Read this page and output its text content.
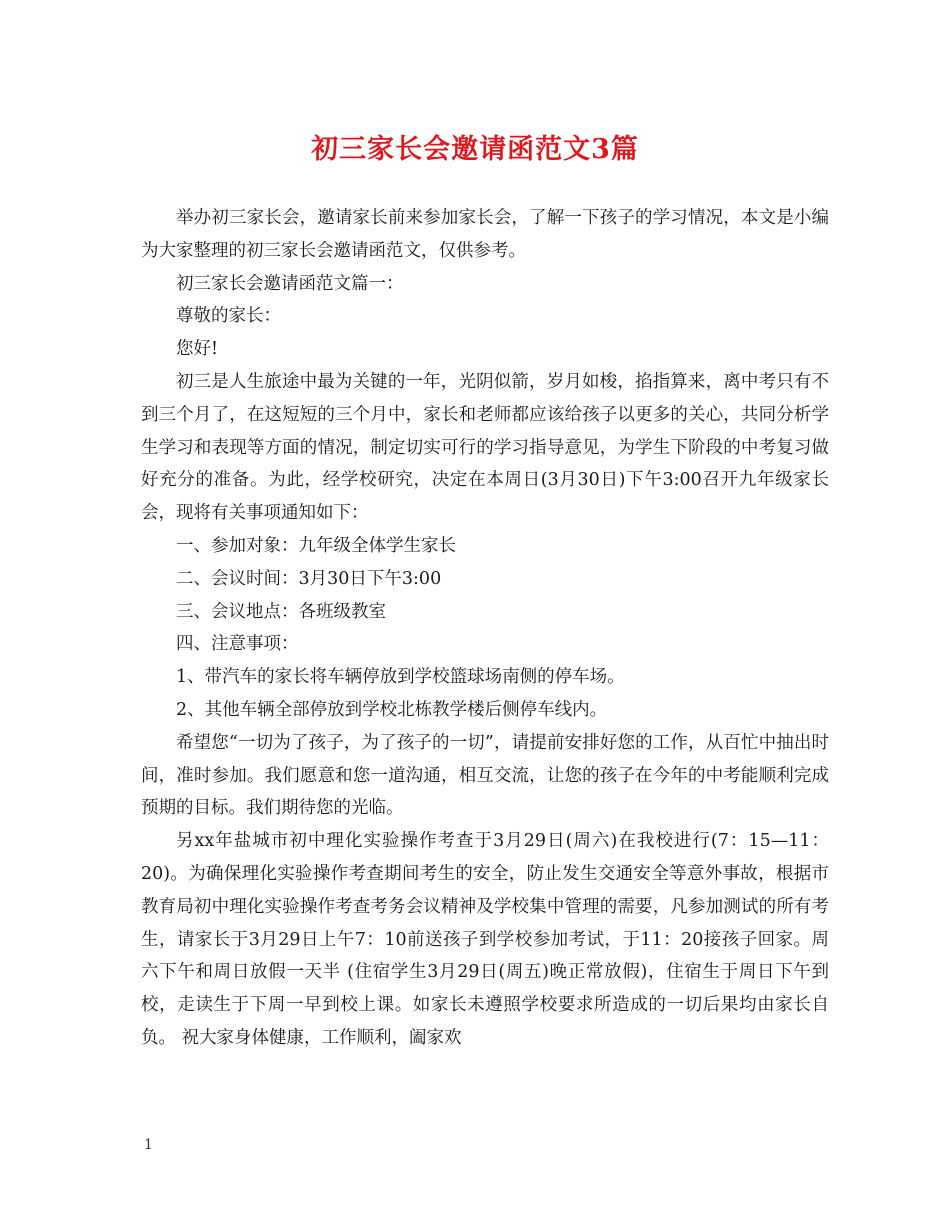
初三家长会邀请函范文3篇

举办初三家长会，邀请家长前来参加家长会，了解一下孩子的学习情况，本文是小编为大家整理的初三家长会邀请函范文，仅供参考。

初三家长会邀请函范文篇一：

尊敬的家长：

您好!

初三是人生旅途中最为关键的一年，光阴似箭，岁月如梭，掐指算来，离中考只有不到三个月了，在这短短的三个月中，家长和老师都应该给孩子以更多的关心，共同分析学生学习和表现等方面的情况，制定切实可行的学习指导意见，为学生下阶段的中考复习做好充分的准备。为此，经学校研究，决定在本周日(3月30日)下午3:00召开九年级家长会，现将有关事项通知如下：

一、参加对象：九年级全体学生家长

二、会议时间：3月30日下午3:00

三、会议地点：各班级教室

四、注意事项：

1、带汽车的家长将车辆停放到学校篮球场南侧的停车场。

2、其他车辆全部停放到学校北栋教学楼后侧停车线内。

希望您“一切为了孩子，为了孩子的一切”，请提前安排好您的工作，从百忙中抽出时间，准时参加。我们愿意和您一道沟通，相互交流，让您的孩子在今年的中考能顺利完成预期的目标。我们期待您的光临。

另xx年盐城市初中理化实验操作考查于3月29日(周六)在我校进行(7：15—11：20)。为确保理化实验操作考查期间考生的安全，防止发生交通安全等意外事故，根据市教育局初中理化实验操作考查考务会议精神及学校集中管理的需要，凡参加测试的所有考生，请家长于3月29日上午7：10前送孩子到学校参加考试，于11：20接孩子回家。周六下午和周日放假一天半 (住宿学生3月29日(周五)晚正常放假)，住宿生于周日下午到校，走读生于下周一早到校上课。如家长未遵照学校要求所造成的一切后果均由家长自负。 祝大家身体健康，工作顺利，阖家欢

1
